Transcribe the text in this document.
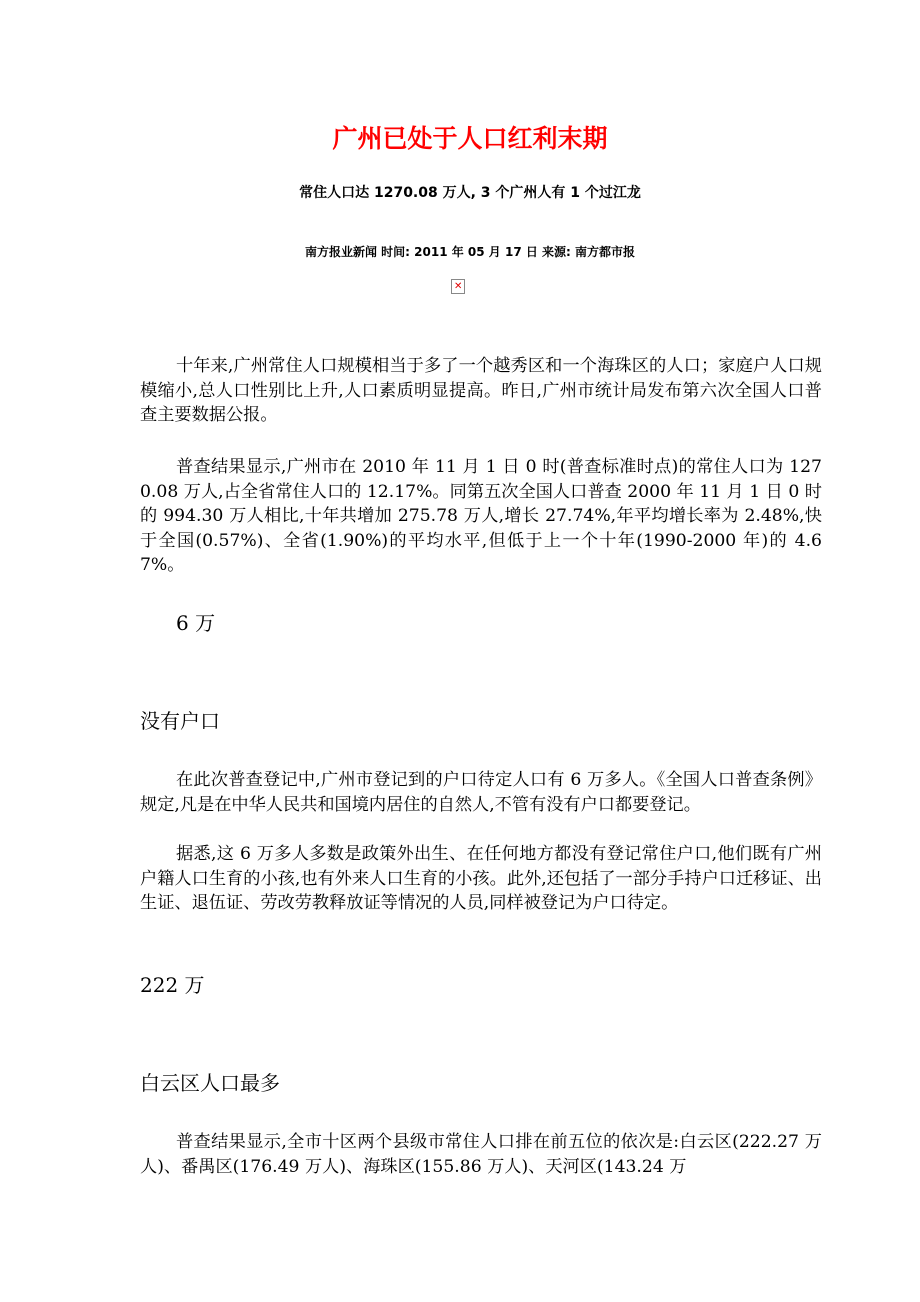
广州已处于人口红利末期
常住人口达 1270.08 万人, 3 个广州人有 1 个过江龙
南方报业新闻 时间: 2011 年 05 月 17 日 来源: 南方都市报
✕

十年来,广州常住人口规模相当于多了一个越秀区和一个海珠区的人口；家庭户人口规模缩小,总人口性别比上升,人口素质明显提高。昨日,广州市统计局发布第六次全国人口普查主要数据公报。

普查结果显示,广州市在 2010 年 11 月 1 日 0 时(普查标准时点)的常住人口为 1270.08 万人,占全省常住人口的 12.17%。同第五次全国人口普查 2000 年 11 月 1 日 0 时的 994.30 万人相比,十年共增加 275.78 万人,增长 27.74%,年平均增长率为 2.48%,快于全国(0.57%)、全省(1.90%)的平均水平,但低于上一个十年(1990-2000 年)的 4.67%。

6 万
没有户口

在此次普查登记中,广州市登记到的户口待定人口有 6 万多人。《全国人口普查条例》规定,凡是在中华人民共和国境内居住的自然人,不管有没有户口都要登记。

据悉,这 6 万多人多数是政策外出生、在任何地方都没有登记常住户口,他们既有广州户籍人口生育的小孩,也有外来人口生育的小孩。此外,还包括了一部分手持户口迁移证、出生证、退伍证、劳改劳教释放证等情况的人员,同样被登记为户口待定。

222 万
白云区人口最多

普查结果显示,全市十区两个县级市常住人口排在前五位的依次是:白云区(222.27 万人)、番禺区(176.49 万人)、海珠区(155.86 万人)、天河区(143.24 万
